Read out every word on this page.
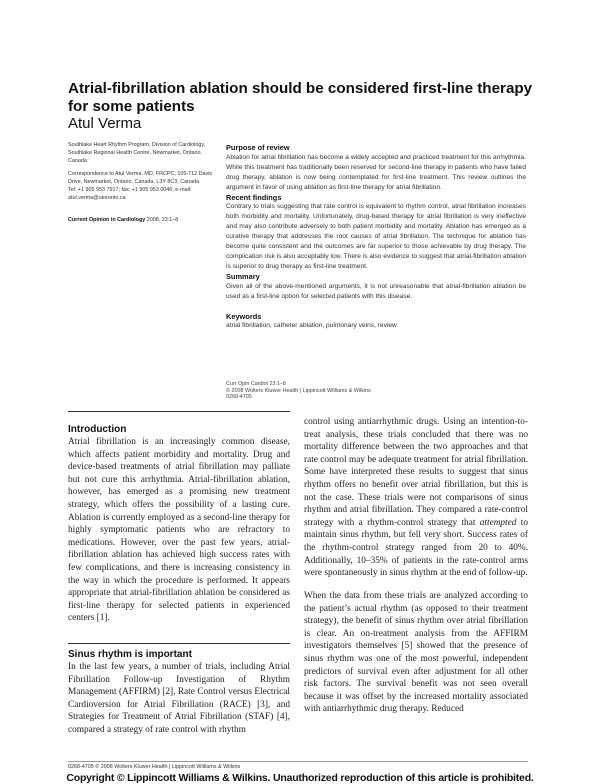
Atrial-fibrillation ablation should be considered first-line therapy for some patients
Atul Verma

Southlake Heart Rhythm Program, Division of Cardiology, Southlake Regional Health Centre, Newmarket, Ontario, Canada

Correspondence to Atul Verma, MD, FRCPC, 105-712 Davis Drive, Newmarket, Ontario, Canada, L3Y 8C3, Canada
Tel: +1 905 953 7917; fax: +1 905 953 0046; e-mail: atul.verma@utoronto.ca

Current Opinion in Cardiology 2008, 23:1–8

Purpose of review

Ablation for atrial fibrillation has become a widely accepted and practiced treatment for this arrhythmia. While this treatment has traditionally been reserved for second-line therapy in patients who have failed drug therapy, ablation is now being contemplated for first-line treatment. This review outlines the argument in favor of using ablation as first-line therapy for atrial fibrillation.

Recent findings

Contrary to trials suggesting that rate control is equivalent to rhythm control, atrial fibrillation increases both morbidity and mortality. Unfortunately, drug-based therapy for atrial fibrillation is very ineffective and may also contribute adversely to both patient morbidity and mortality. Ablation has emerged as a curative therapy that addresses the root causes of atrial fibrillation. The technique for ablation has become quite consistent and the outcomes are far superior to those achievable by drug therapy. The complication risk is also acceptably low. There is also evidence to suggest that atrial-fibrillation ablation is superior to drug therapy as first-line treatment.

Summary

Given all of the above-mentioned arguments, it is not unreasonable that atrial-fibrillation ablation be used as a first-line option for selected patients with this disease.

Keywords

atrial fibrillation, catheter ablation, pulmonary veins, review

Curr Opin Cardiol 23:1–8
© 2008 Wolters Kluwer Health | Lippincott Williams & Wilkins
0268-4705
Introduction

Atrial fibrillation is an increasingly common disease, which affects patient morbidity and mortality. Drug and device-based treatments of atrial fibrillation may palliate but not cure this arrhythmia. Atrial-fibrillation ablation, however, has emerged as a promising new treatment strategy, which offers the possibility of a lasting cure. Ablation is currently employed as a second-line therapy for highly symptomatic patients who are refractory to medications. However, over the past few years, atrial-fibrillation ablation has achieved high success rates with few complications, and there is increasing consistency in the way in which the procedure is performed. It appears appropriate that atrial-fibrillation ablation be considered as first-line therapy for selected patients in experienced centers [1].

Sinus rhythm is important

In the last few years, a number of trials, including Atrial Fibrillation Follow-up Investigation of Rhythm Management (AFFIRM) [2], Rate Control versus Electrical Cardioversion for Atrial Fibrillation (RACE) [3], and Strategies for Treatment of Atrial Fibrillation (STAF) [4], compared a strategy of rate control with rhythm

control using antiarrhythmic drugs. Using an intention-to-treat analysis, these trials concluded that there was no mortality difference between the two approaches and that rate control may be adequate treatment for atrial fibrillation. Some have interpreted these results to suggest that sinus rhythm offers no benefit over atrial fibrillation, but this is not the case. These trials were not comparisons of sinus rhythm and atrial fibrillation. They compared a rate-control strategy with a rhythm-control strategy that attempted to maintain sinus rhythm, but fell very short. Success rates of the rhythm-control strategy ranged from 20 to 40%. Additionally, 10–35% of patients in the rate-control arms were spontaneously in sinus rhythm at the end of follow-up.

When the data from these trials are analyzed according to the patient’s actual rhythm (as opposed to their treatment strategy), the benefit of sinus rhythm over atrial fibrillation is clear. An on-treatment analysis from the AFFIRM investigators themselves [5] showed that the presence of sinus rhythm was one of the most powerful, independent predictors of survival even after adjustment for all other risk factors. The survival benefit was not seen overall because it was offset by the increased mortality associated with antiarrhythmic drug therapy. Reduced

0268-4705 © 2008 Wolters Kluwer Health | Lippincott Williams & Wilkins
Copyright © Lippincott Williams & Wilkins. Unauthorized reproduction of this article is prohibited.
